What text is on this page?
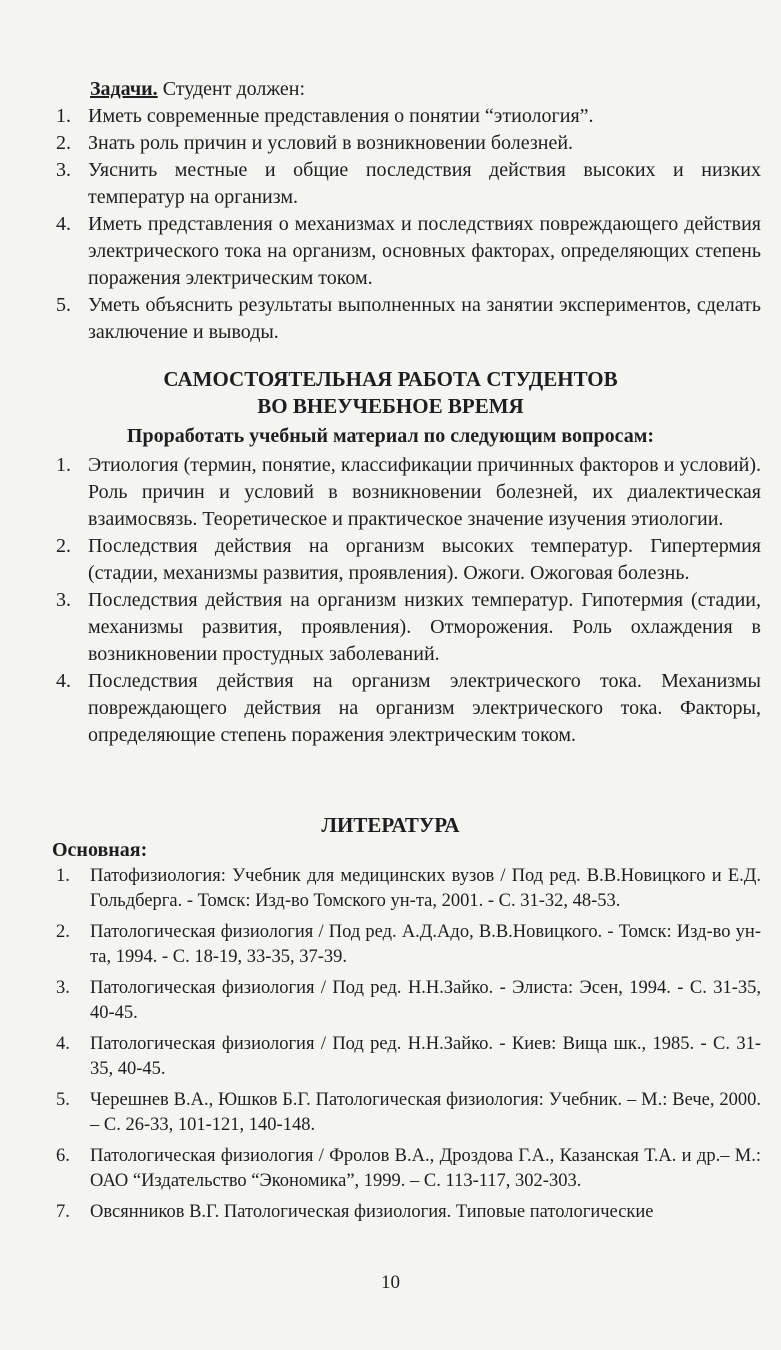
Задачи. Студент должен:
1. Иметь современные представления о понятии “этиология”.
2. Знать роль причин и условий в возникновении болезней.
3. Уяснить местные и общие последствия действия высоких и низких температур на организм.
4. Иметь представления о механизмах и последствиях повреждающего действия электрического тока на организм, основных факторах, определяющих степень поражения электрическим током.
5. Уметь объяснить результаты выполненных на занятии экспериментов, сделать заключение и выводы.
САМОСТОЯТЕЛЬНАЯ РАБОТА СТУДЕНТОВ
ВО ВНЕУЧЕБНОЕ ВРЕМЯ
Проработать учебный материал по следующим вопросам:
1. Этиология (термин, понятие, классификации причинных факторов и условий). Роль причин и условий в возникновении болезней, их диалектическая взаимосвязь. Теоретическое и практическое значение изучения этиологии.
2. Последствия действия на организм высоких температур. Гипертермия (стадии, механизмы развития, проявления). Ожоги. Ожоговая болезнь.
3. Последствия действия на организм низких температур. Гипотермия (стадии, механизмы развития, проявления). Отморожения. Роль охлаждения в возникновении простудных заболеваний.
4. Последствия действия на организм электрического тока. Механизмы повреждающего действия на организм электрического тока. Факторы, определяющие степень поражения электрическим током.
ЛИТЕРАТУРА
Основная:
1. Патофизиология: Учебник для медицинских вузов / Под ред. В.В.Новицкого и Е.Д. Гольдберга. - Томск: Изд-во Томского ун-та, 2001. - С. 31-32, 48-53.
2. Патологическая физиология / Под ред. А.Д.Адо, В.В.Новицкого. - Томск: Изд-во ун-та, 1994. - С. 18-19, 33-35, 37-39.
3. Патологическая физиология / Под ред. Н.Н.Зайко. - Элиста: Эсен, 1994. - С. 31-35, 40-45.
4. Патологическая физиология / Под ред. Н.Н.Зайко. - Киев: Вища шк., 1985. - С. 31-35, 40-45.
5. Черешнев В.А., Юшков Б.Г. Патологическая физиология: Учебник. – М.: Вече, 2000. – С. 26-33, 101-121, 140-148.
6. Патологическая физиология / Фролов В.А., Дроздова Г.А., Казанская Т.А. и др.– М.: ОАО “Издательство “Экономика”, 1999. – С. 113-117, 302-303.
7. Овсянников В.Г. Патологическая физиология. Типовые патологические
10
